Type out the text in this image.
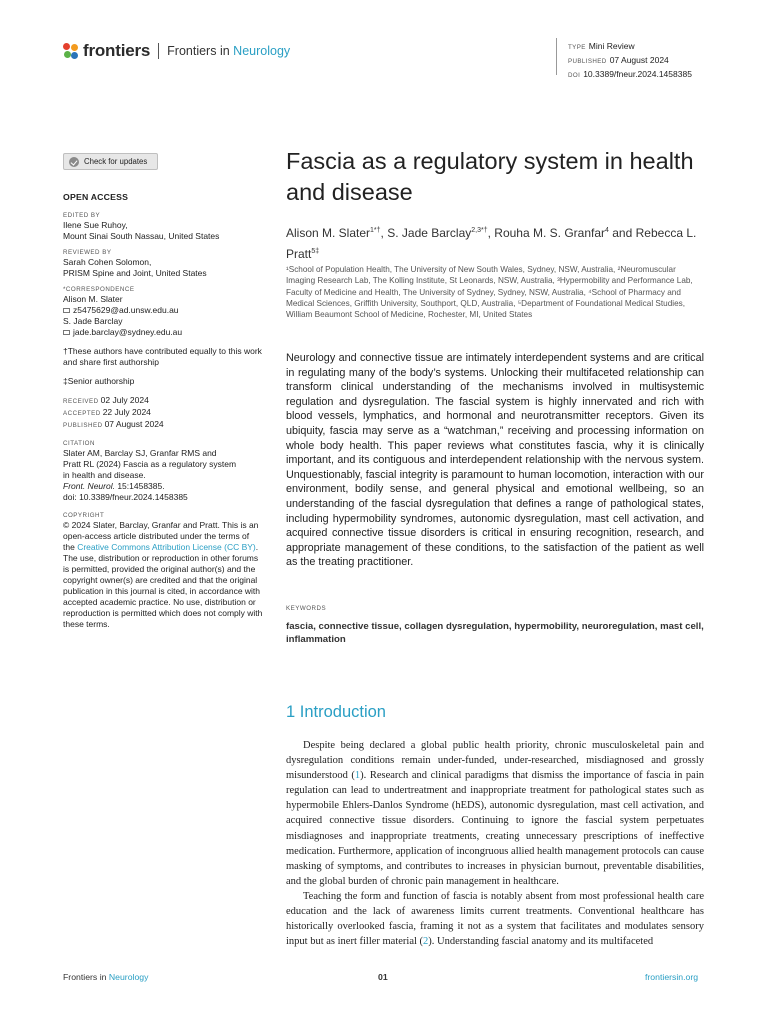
frontiers Frontiers in Neurology	TYPE Mini Review
PUBLISHED 07 August 2024
DOI 10.3389/fneur.2024.1458385
Check for updates
OPEN ACCESS
EDITED BY
Ilene Sue Ruhoy,
Mount Sinai South Nassau, United States
REVIEWED BY
Sarah Cohen Solomon,
PRISM Spine and Joint, United States
*CORRESPONDENCE
Alison M. Slater
z5475629@ad.unsw.edu.au
S. Jade Barclay
jade.barclay@sydney.edu.au
†These authors have contributed equally to this work and share first authorship
‡Senior authorship
RECEIVED 02 July 2024
ACCEPTED 22 July 2024
PUBLISHED 07 August 2024
CITATION
Slater AM, Barclay SJ, Granfar RMS and
Pratt RL (2024) Fascia as a regulatory system
in health and disease.
Front. Neurol. 15:1458385.
doi: 10.3389/fneur.2024.1458385
COPYRIGHT
© 2024 Slater, Barclay, Granfar and Pratt. This is an open-access article distributed under the terms of the Creative Commons Attribution License (CC BY). The use, distribution or reproduction in other forums is permitted, provided the original author(s) and the copyright owner(s) are credited and that the original publication in this journal is cited, in accordance with accepted academic practice. No use, distribution or reproduction is permitted which does not comply with these terms.
Fascia as a regulatory system in health and disease
Alison M. Slater$^{1*\dagger}$, S. Jade Barclay$^{2,3*\dagger}$, Rouha M. S. Granfar$^4$ and Rebecca L. Pratt$^{5\ddagger}$
¹School of Population Health, The University of New South Wales, Sydney, NSW, Australia, ²Neuromuscular Imaging Research Lab, The Kolling Institute, St Leonards, NSW, Australia, ³Hypermobility and Performance Lab, Faculty of Medicine and Health, The University of Sydney, Sydney, NSW, Australia, ⁴School of Pharmacy and Medical Sciences, Griffith University, Southport, QLD, Australia, ⁵Department of Foundational Medical Studies, William Beaumont School of Medicine, Rochester, MI, United States
Neurology and connective tissue are intimately interdependent systems and are critical in regulating many of the body’s systems. Unlocking their multifaceted relationship can transform clinical understanding of the mechanisms involved in multisystemic regulation and dysregulation. The fascial system is highly innervated and rich with blood vessels, lymphatics, and hormonal and neurotransmitter receptors. Given its ubiquity, fascia may serve as a “watchman,” receiving and processing information on whole body health. This paper reviews what constitutes fascia, why it is clinically important, and its contiguous and interdependent relationship with the nervous system. Unquestionably, fascial integrity is paramount to human locomotion, interaction with our environment, bodily sense, and general physical and emotional wellbeing, so an understanding of the fascial dysregulation that defines a range of pathological states, including hypermobility syndromes, autonomic dysregulation, mast cell activation, and acquired connective tissue disorders is critical in ensuring recognition, research, and appropriate management of these conditions, to the satisfaction of the patient as well as the treating practitioner.
KEYWORDS
fascia, connective tissue, collagen dysregulation, hypermobility, neuroregulation, mast cell, inflammation
1 Introduction

Despite being declared a global public health priority, chronic musculoskeletal pain and dysregulation conditions remain under-funded, under-researched, misdiagnosed and grossly misunderstood (1). Research and clinical paradigms that dismiss the importance of fascia in pain regulation can lead to undertreatment and inappropriate treatment for pathological states such as hypermobile Ehlers-Danlos Syndrome (hEDS), autonomic dysregulation, mast cell activation, and acquired connective tissue disorders. Continuing to ignore the fascial system perpetuates misdiagnoses and inappropriate treatments, creating unnecessary prescriptions of ineffective medication. Furthermore, application of incongruous allied health management protocols can cause masking of symptoms, and contributes to increases in physician burnout, preventable disabilities, and the global burden of chronic pain management in healthcare.

Teaching the form and function of fascia is notably absent from most professional health care education and the lack of awareness limits current treatments. Conventional healthcare has historically overlooked fascia, framing it not as a system that facilitates and modulates sensory input but as inert filler material (2). Understanding fascial anatomy and its multifaceted

Frontiers in Neurology	01	frontiersin.org
